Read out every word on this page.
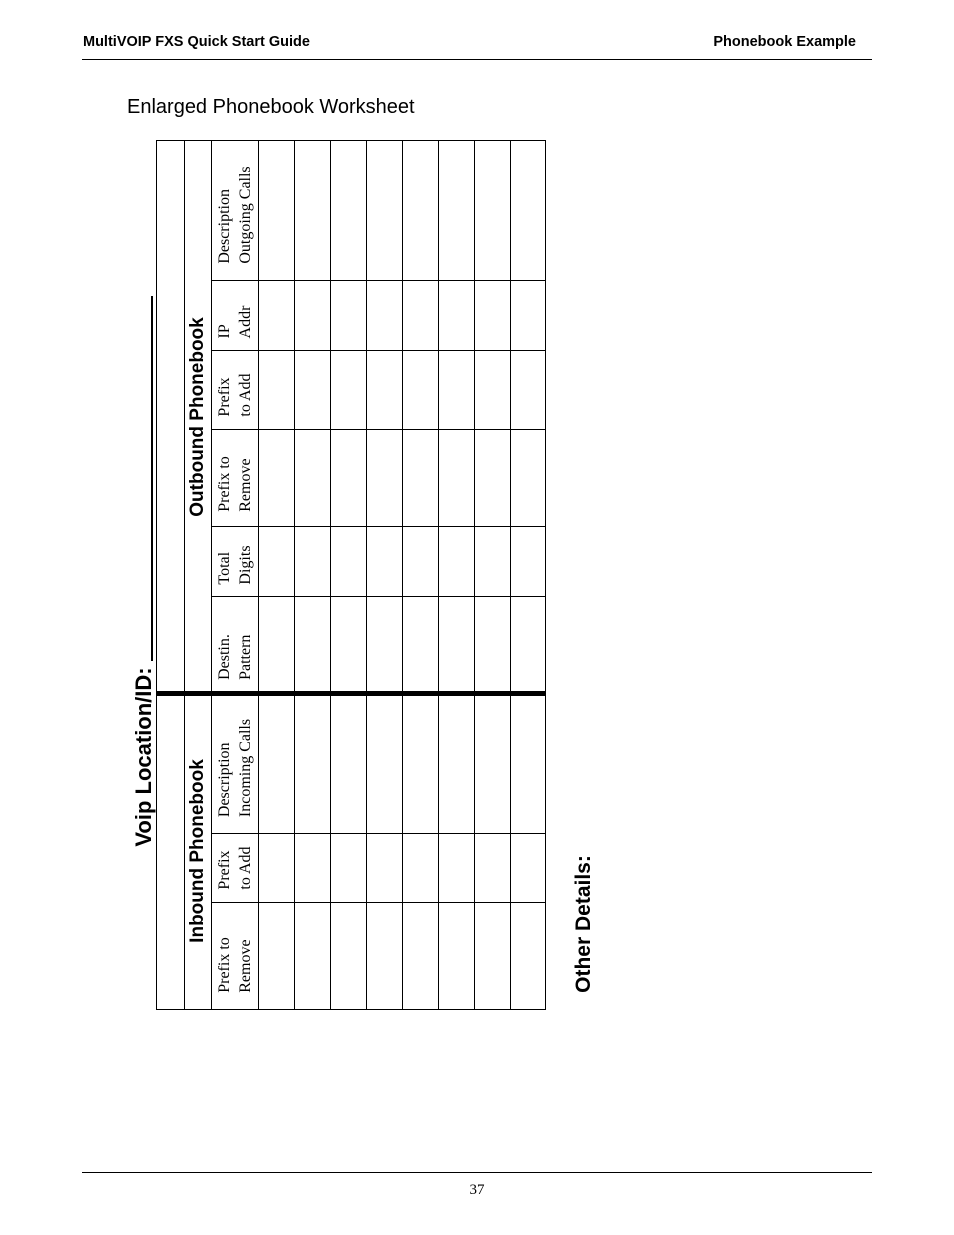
MultiVOIP FXS Quick Start Guide	Phonebook Example
Enlarged Phonebook Worksheet
Voip Location/ID:
Outbound Phonebook
Inbound Phonebook
Destin. Pattern
Total Digits
Prefix to Remove
Prefix to Add
IP Addr
Description Outgoing Calls
Prefix to Remove
Prefix to Add
Description Incoming Calls
Other Details:
37
